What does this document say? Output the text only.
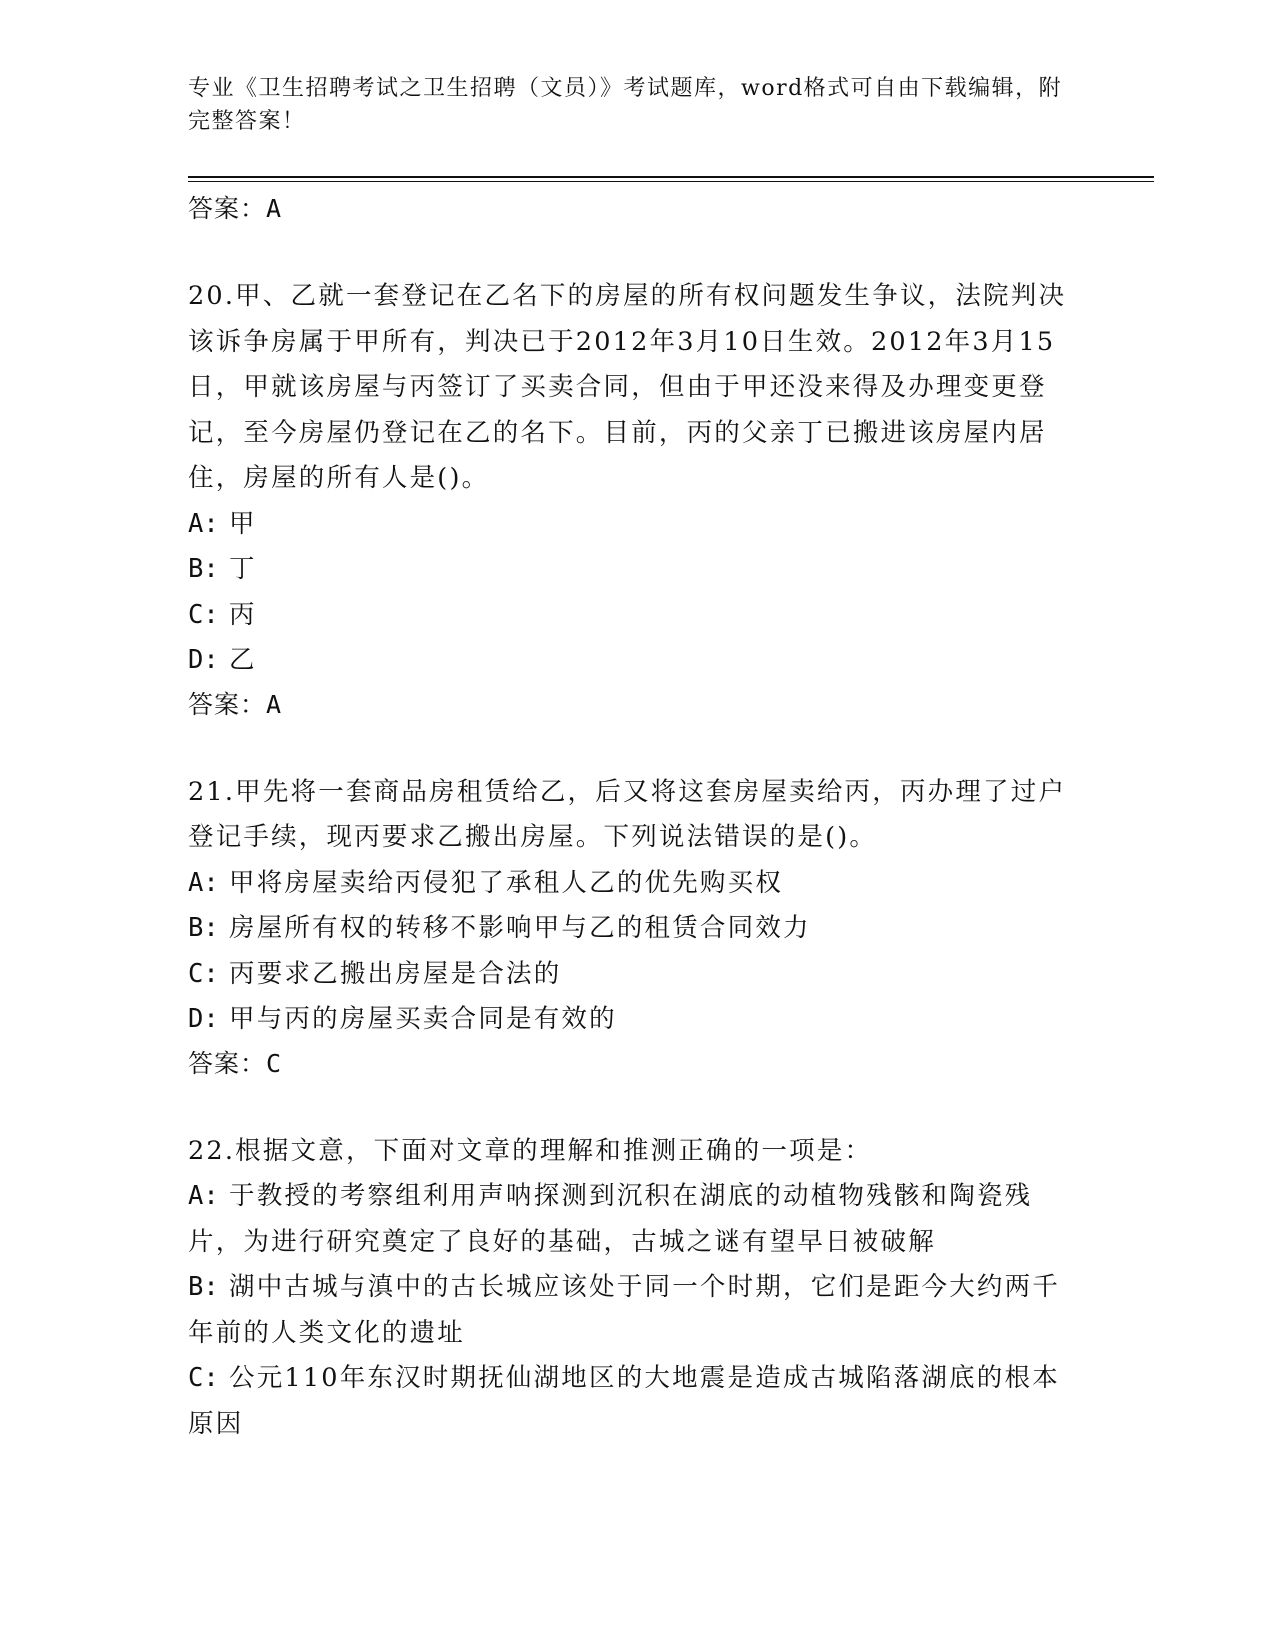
专业《卫生招聘考试之卫生招聘（文员）》考试题库，word格式可自由下载编辑，附完整答案！

答案：A

20.甲、乙就一套登记在乙名下的房屋的所有权问题发生争议，法院判决该诉争房属于甲所有，判决已于2012年3月10日生效。2012年3月15日，甲就该房屋与丙签订了买卖合同，但由于甲还没来得及办理变更登记，至今房屋仍登记在乙的名下。目前，丙的父亲丁已搬进该房屋内居住，房屋的所有人是()。

A: 甲

B: 丁

C: 丙

D: 乙

答案：A

21.甲先将一套商品房租赁给乙，后又将这套房屋卖给丙，丙办理了过户登记手续，现丙要求乙搬出房屋。下列说法错误的是()。

A: 甲将房屋卖给丙侵犯了承租人乙的优先购买权

B: 房屋所有权的转移不影响甲与乙的租赁合同效力

C: 丙要求乙搬出房屋是合法的

D: 甲与丙的房屋买卖合同是有效的

答案：C

22.根据文意，下面对文章的理解和推测正确的一项是：

A: 于教授的考察组利用声呐探测到沉积在湖底的动植物残骸和陶瓷残片，为进行研究奠定了良好的基础，古城之谜有望早日被破解

B: 湖中古城与滇中的古长城应该处于同一个时期，它们是距今大约两千年前的人类文化的遗址

C: 公元110年东汉时期抚仙湖地区的大地震是造成古城陷落湖底的根本原因
